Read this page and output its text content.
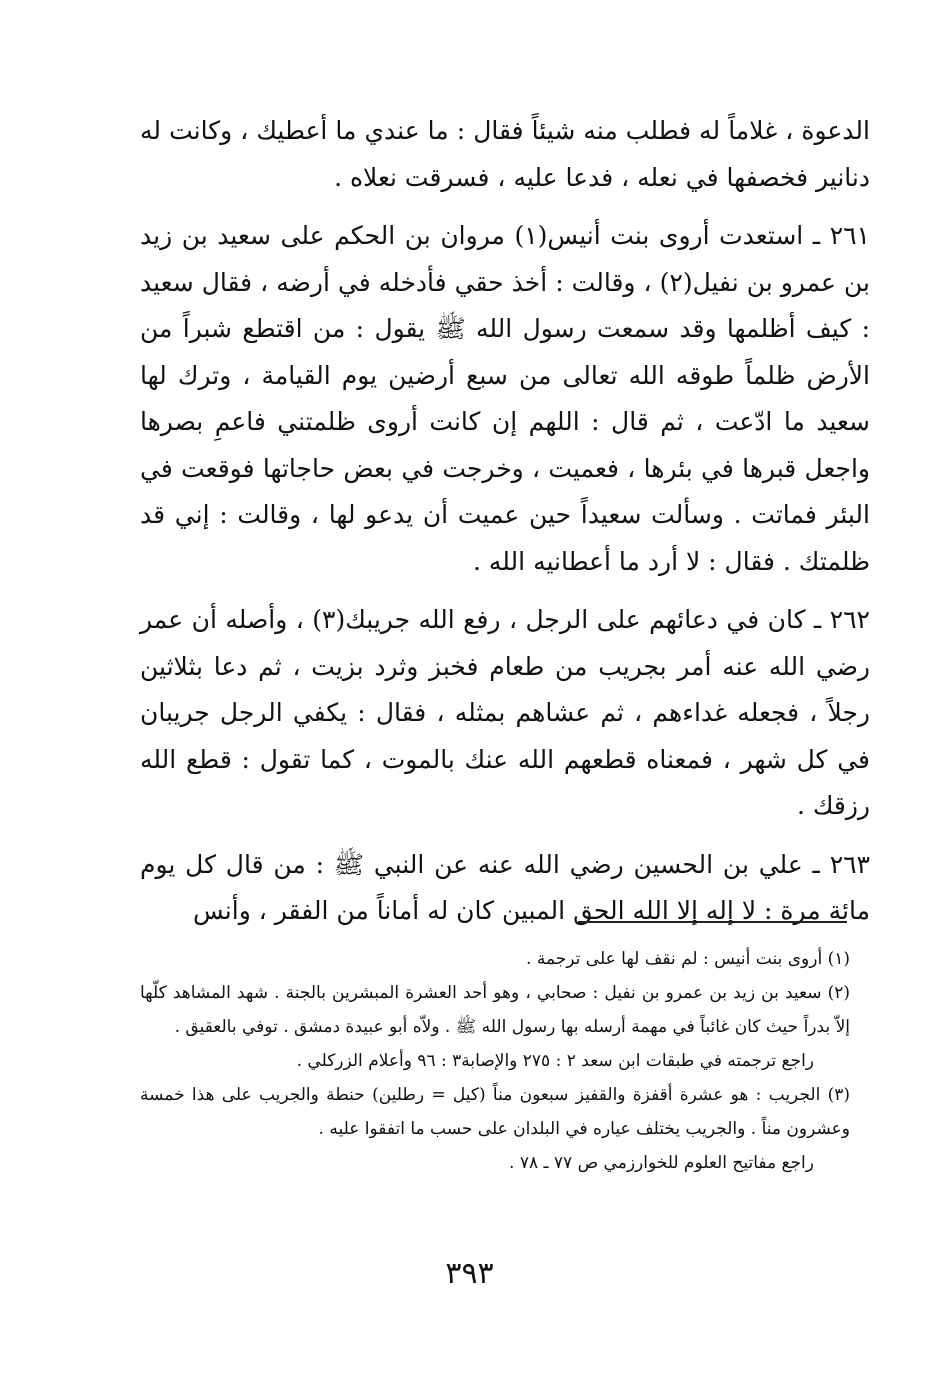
الدعوة ، غلاماً له فطلب منه شيئاً فقال : ما عندي ما أعطيك ، وكانت له دنانير فخصفها في نعله ، فدعا عليه ، فسرقت نعلاه .

٢٦١ ـ استعدت أروى بنت أنيس(١) مروان بن الحكم على سعيد بن زيد بن عمرو بن نفيل(٢) ، وقالت : أخذ حقي فأدخله في أرضه ، فقال سعيد : كيف أظلمها وقد سمعت رسول الله ﷺ يقول : من اقتطع شبراً من الأرض ظلماً طوقه الله تعالى من سبع أرضين يوم القيامة ، وترك لها سعيد ما ادّعت ، ثم قال : اللهم إن كانت أروى ظلمتني فاعمِ بصرها واجعل قبرها في بئرها ، فعميت ، وخرجت في بعض حاجاتها فوقعت في البئر فماتت . وسألت سعيداً حين عميت أن يدعو لها ، وقالت : إني قد ظلمتك . فقال : لا أرد ما أعطانيه الله .

٢٦٢ ـ كان في دعائهم على الرجل ، رفع الله جريبك(٣) ، وأصله أن عمر رضي الله عنه أمر بجريب من طعام فخبز وثرد بزيت ، ثم دعا بثلاثين رجلاً ، فجعله غداءهم ، ثم عشاهم بمثله ، فقال : يكفي الرجل جريبان في كل شهر ، فمعناه قطعهم الله عنك بالموت ، كما تقول : قطع الله رزقك .

٢٦٣ ـ علي بن الحسين رضي الله عنه عن النبي ﷺ : من قال كل يوم مائة مرة : لا إله إلا الله الحق المبين كان له أماناً من الفقر ، وأنس

(١) أروى بنت أنيس : لم نقف لها على ترجمة .

(٢) سعيد بن زيد بن عمرو بن نفيل : صحابي ، وهو أحد العشرة المبشرين بالجنة . شهد المشاهد كلّها إلاّ بدراً حيث كان غائباً في مهمة أرسله بها رسول الله ﷺ . ولاّه أبو عبيدة دمشق . توفي بالعقيق .

راجع ترجمته في طبقات ابن سعد ٢ : ٢٧٥ والإصابة٣ : ٩٦ وأعلام الزركلي .

(٣) الجريب : هو عشرة أقفزة والقفيز سبعون مناً (كيل = رطلين) حنطة والجريب على هذا خمسة وعشرون مناً . والجريب يختلف عياره في البلدان على حسب ما اتفقوا عليه .

راجع مفاتيح العلوم للخوارزمي ص ٧٧ ـ ٧٨ .

٣٩٣
